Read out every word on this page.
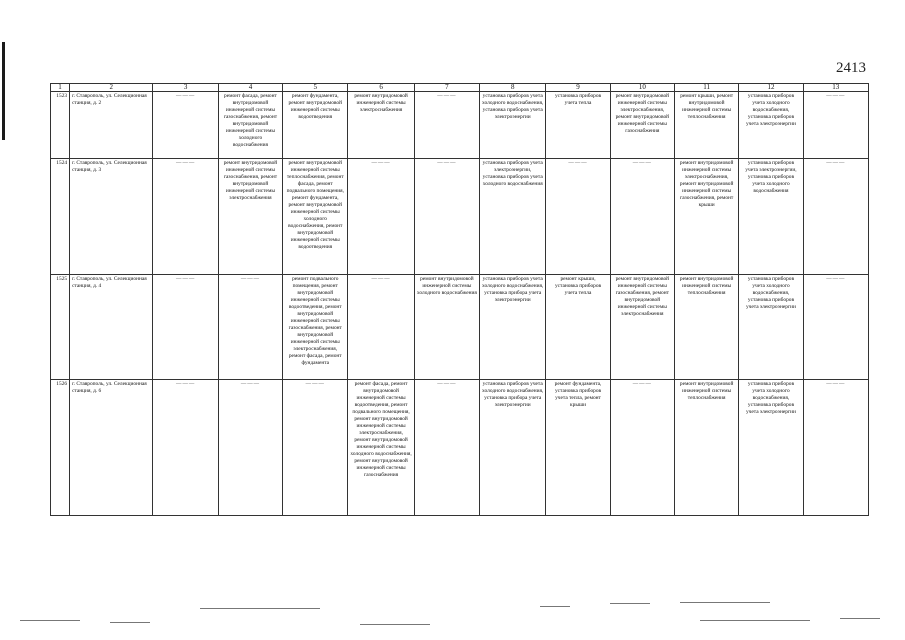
2413
1	2	3	4	5	6	7	8	9	10	11	12	13
1523	г. Ставрополь, ул. Селекционная станция, д. 2	———	ремонт фасада, ремонт внутридомовой инженерной системы газоснабжения, ремонт внутридомовой инженерной системы холодного водоснабжения	ремонт фундамента, ремонт внутридомовой инженерной системы водоотведения	ремонт внутридомовой инженерной системы электроснабжения	———	установка приборов учета холодного водоснабжения, установка приборов учета электроэнергии	установка приборов учета тепла	ремонт внутридомовой инженерной системы электроснабжения, ремонт внутридомовой инженерной системы газоснабжения	ремонт крыши, ремонт внутридомовой инженерной системы теплоснабжения	установка приборов учета холодного водоснабжения, установка приборов учета электроэнергии	———

1524	г. Ставрополь, ул. Селекционная станция, д. 3	———	ремонт внутридомовой инженерной системы газоснабжения, ремонт внутридомовой инженерной системы электроснабжения	ремонт внутридомовой инженерной системы теплоснабжения, ремонт фасада, ремонт подвального помещения, ремонт фундамента, ремонт внутридомовой инженерной системы холодного водоснабжения, ремонт внутридомовой инженерной системы водоотведения	———	———	установка приборов учета электроэнергии, установка приборов учета холодного водоснабжения	———	———	ремонт внутридомовой инженерной системы электроснабжения, ремонт внутридомовой инженерной системы газоснабжения, ремонт крыши	установка приборов учета электроэнергии, установка приборов учета холодного водоснабжения	———

1525	г. Ставрополь, ул. Селекционная станция, д. 4	———	———	ремонт подвального помещения, ремонт внутридомовой инженерной системы водоотведения, ремонт внутридомовой инженерной системы газоснабжения, ремонт внутридомовой инженерной системы электроснабжения, ремонт фасада, ремонт фундамента	———	ремонт внутридомовой инженерной системы холодного водоснабжения	установка приборов учета холодного водоснабжения, установка прибора учета электроэнергии	ремонт крыши, установка приборов учета тепла	ремонт внутридомовой инженерной системы газоснабжения, ремонт внутридомовой инженерной системы электроснабжения	ремонт внутридомовой инженерной системы теплоснабжения	установка приборов учета холодного водоснабжения, установка приборов учета электроэнергии	———

1526	г. Ставрополь, ул. Селекционная станция, д. 6	———	———	———	ремонт фасада, ремонт внутридомовой инженерной системы водоотведения, ремонт подвального помещения, ремонт внутридомовой инженерной системы электроснабжения, ремонт внутридомовой инженерной системы холодного водоснабжения, ремонт внутридомовой инженерной системы газоснабжения	———	установка приборов учета холодного водоснабжения, установка прибора учета электроэнергии	ремонт фундамента, установка приборов учета тепла, ремонт крыши	———	ремонт внутридомовой инженерной системы теплоснабжения	установка приборов учета холодного водоснабжения, установка приборов учета электроэнергии	———
